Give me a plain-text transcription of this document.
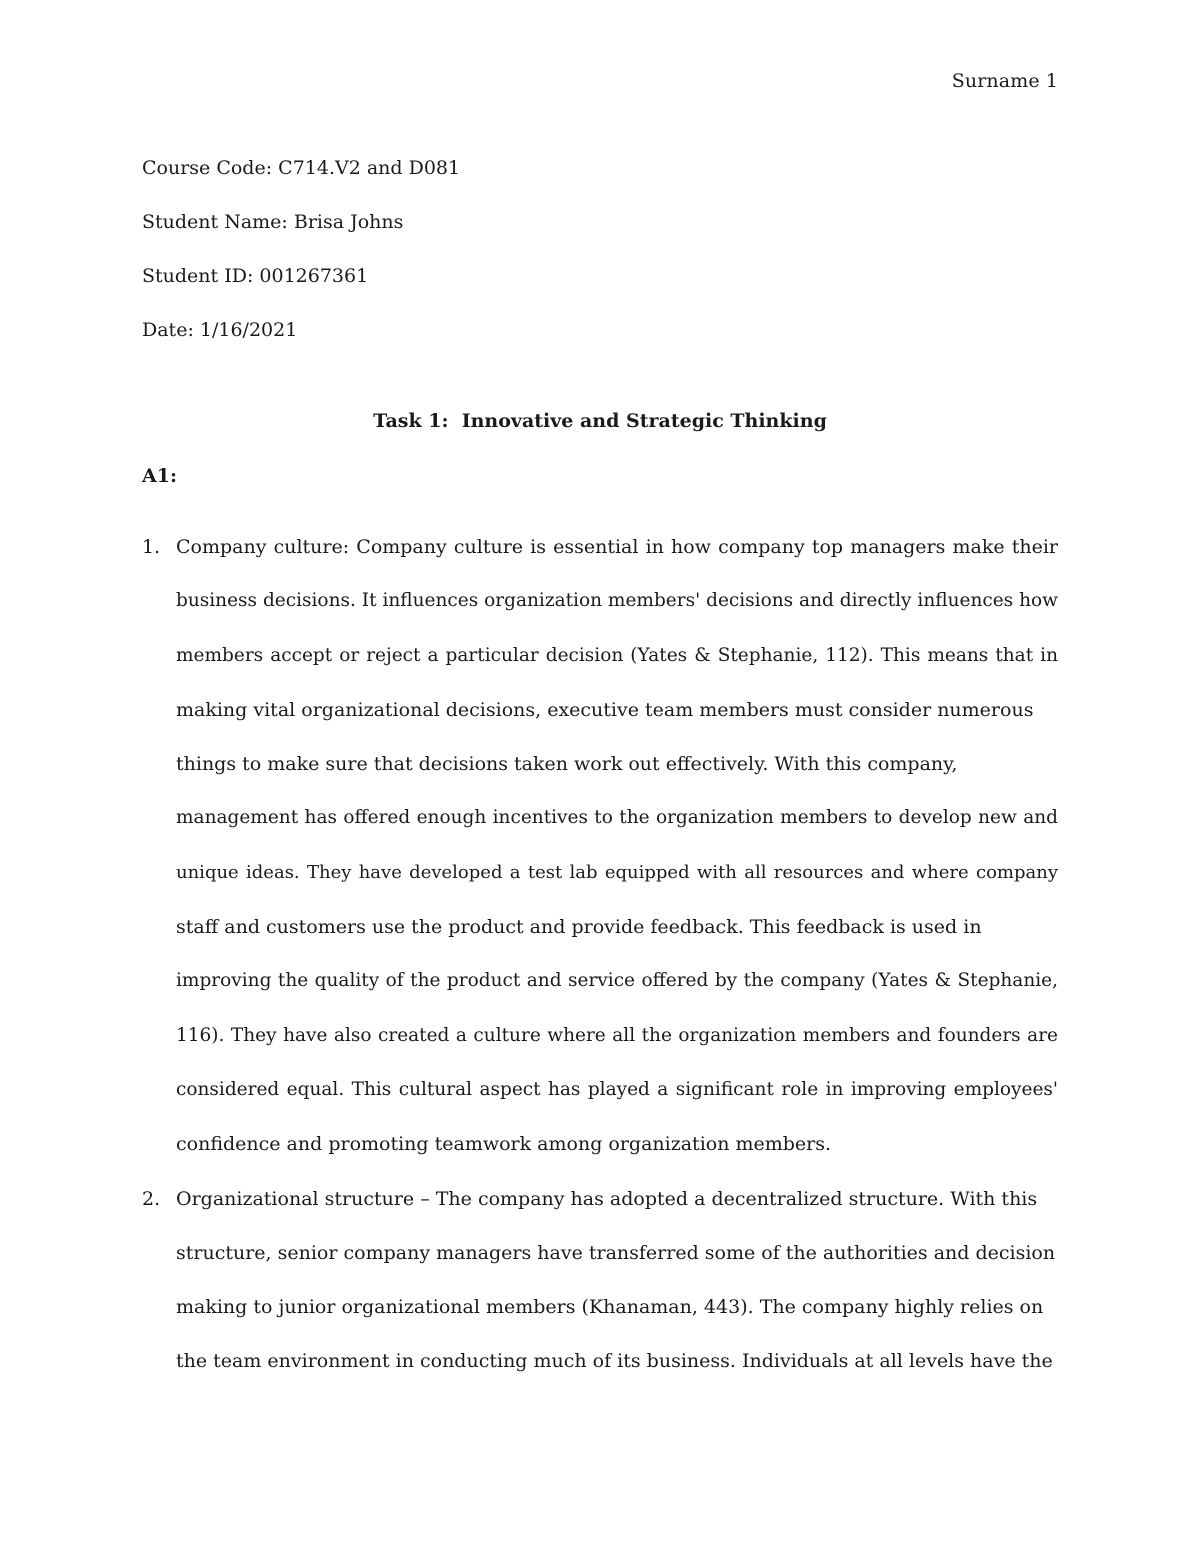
Surname 1
Course Code: C714.V2 and D081
Student Name: Brisa Johns
Student ID: 001267361
Date: 1/16/2021
Task 1:  Innovative and Strategic Thinking
A1:
1. Company culture: Company culture is essential in how company top managers make their
business decisions. It influences organization members' decisions and directly influences how
members accept or reject a particular decision (Yates & Stephanie, 112). This means that in
making vital organizational decisions, executive team members must consider numerous
things to make sure that decisions taken work out effectively. With this company,
management has offered enough incentives to the organization members to develop new and
unique ideas. They have developed a test lab equipped with all resources and where company
staff and customers use the product and provide feedback. This feedback is used in
improving the quality of the product and service offered by the company (Yates & Stephanie,
116). They have also created a culture where all the organization members and founders are
considered equal. This cultural aspect has played a significant role in improving employees'
confidence and promoting teamwork among organization members.
2. Organizational structure – The company has adopted a decentralized structure. With this
structure, senior company managers have transferred some of the authorities and decision
making to junior organizational members (Khanaman, 443). The company highly relies on
the team environment in conducting much of its business. Individuals at all levels have the
